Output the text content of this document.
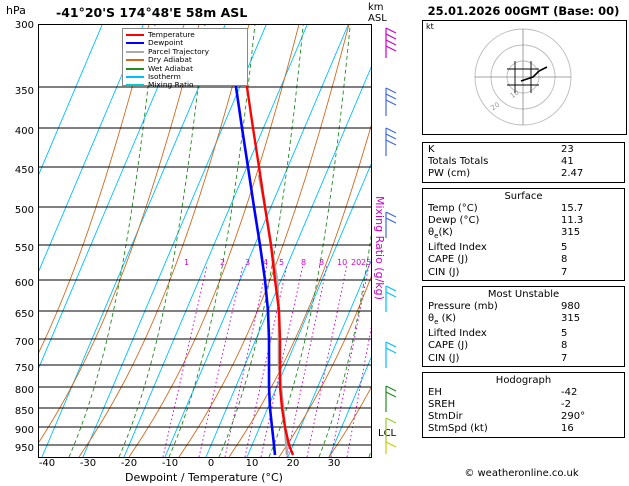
hPa -41°20'S 174°48'E 58m ASL	km
ASL
300
350
400
450
500
550
600
650
700
750
800
850
900
950
-40 -30 -20 -10	0	10	20	30
Dewpoint / Temperature (°C)
Mixing Ratio (g/kg)
LCL
1	2 3 4 5 8 8 10 20 25
Temperature
Dewpoint
Parcel Trajectory
Dry Adiabat
Wet Adiabat
Isotherm
Mixing Ratio
25.01.2026 00GMT (Base: 00)
kt
20
10
K	23
Totals Totals	41
PW (cm)	2.47
Surface
Temp (°C)	15.7
Dewp (°C)	11.3
$\theta_e(K)$	315
Lifted Index	5
CAPE (J)	8
CIN (J)	7
Most Unstable
Pressure (mb)	980
$\theta_e$ (K)	315
Lifted Index	5
CAPE (J)	8
CIN (J)	7
Hodograph
EH	-42
SREH	-2
StmDir	290°
StmSpd (kt)	16
© weatheronline.co.uk
